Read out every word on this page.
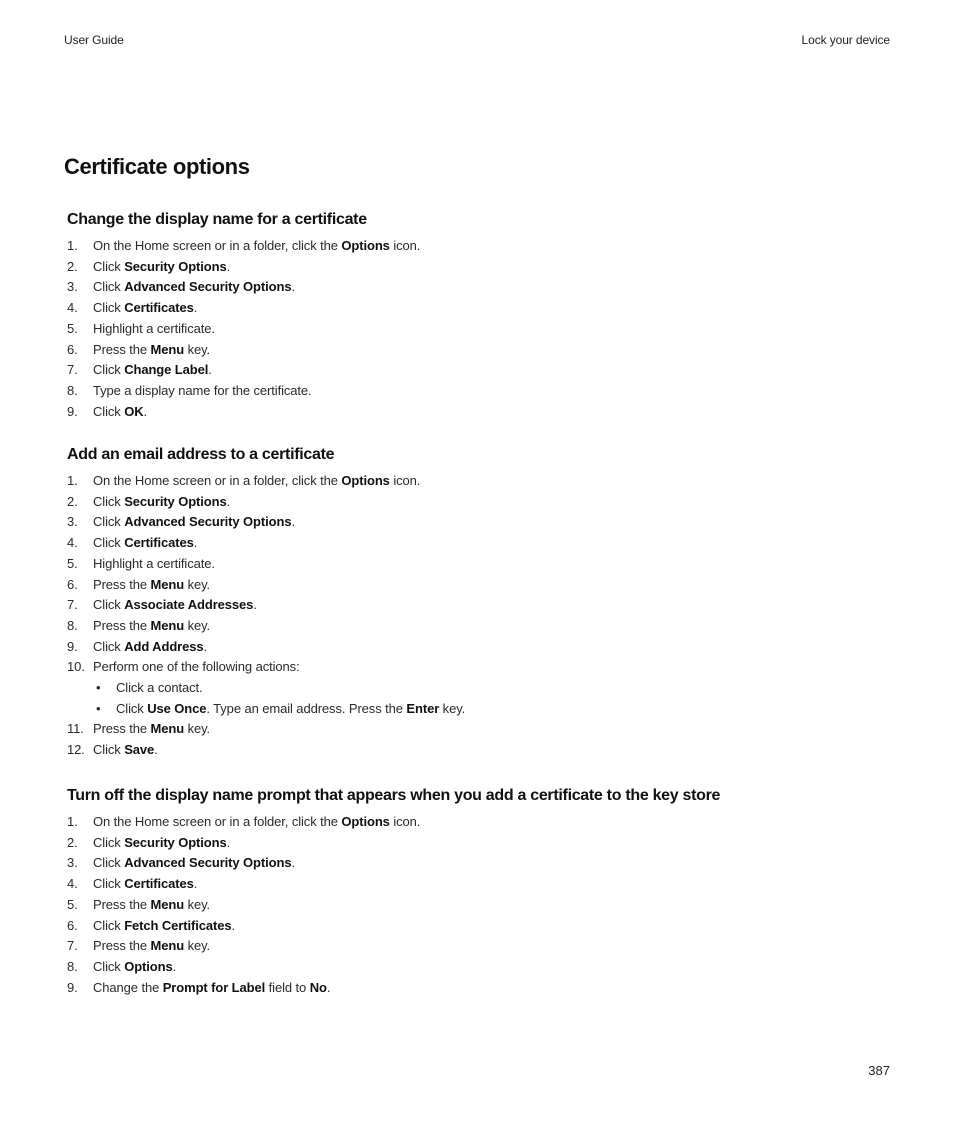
User Guide	Lock your device
Certificate options
Change the display name for a certificate
1. On the Home screen or in a folder, click the Options icon.
2. Click Security Options.
3. Click Advanced Security Options.
4. Click Certificates.
5. Highlight a certificate.
6. Press the Menu key.
7. Click Change Label.
8. Type a display name for the certificate.
9. Click OK.
Add an email address to a certificate
1. On the Home screen or in a folder, click the Options icon.
2. Click Security Options.
3. Click Advanced Security Options.
4. Click Certificates.
5. Highlight a certificate.
6. Press the Menu key.
7. Click Associate Addresses.
8. Press the Menu key.
9. Click Add Address.
10. Perform one of the following actions:
• Click a contact.
• Click Use Once. Type an email address. Press the Enter key.
11. Press the Menu key.
12. Click Save.
Turn off the display name prompt that appears when you add a certificate to the key store
1. On the Home screen or in a folder, click the Options icon.
2. Click Security Options.
3. Click Advanced Security Options.
4. Click Certificates.
5. Press the Menu key.
6. Click Fetch Certificates.
7. Press the Menu key.
8. Click Options.
9. Change the Prompt for Label field to No.
387
